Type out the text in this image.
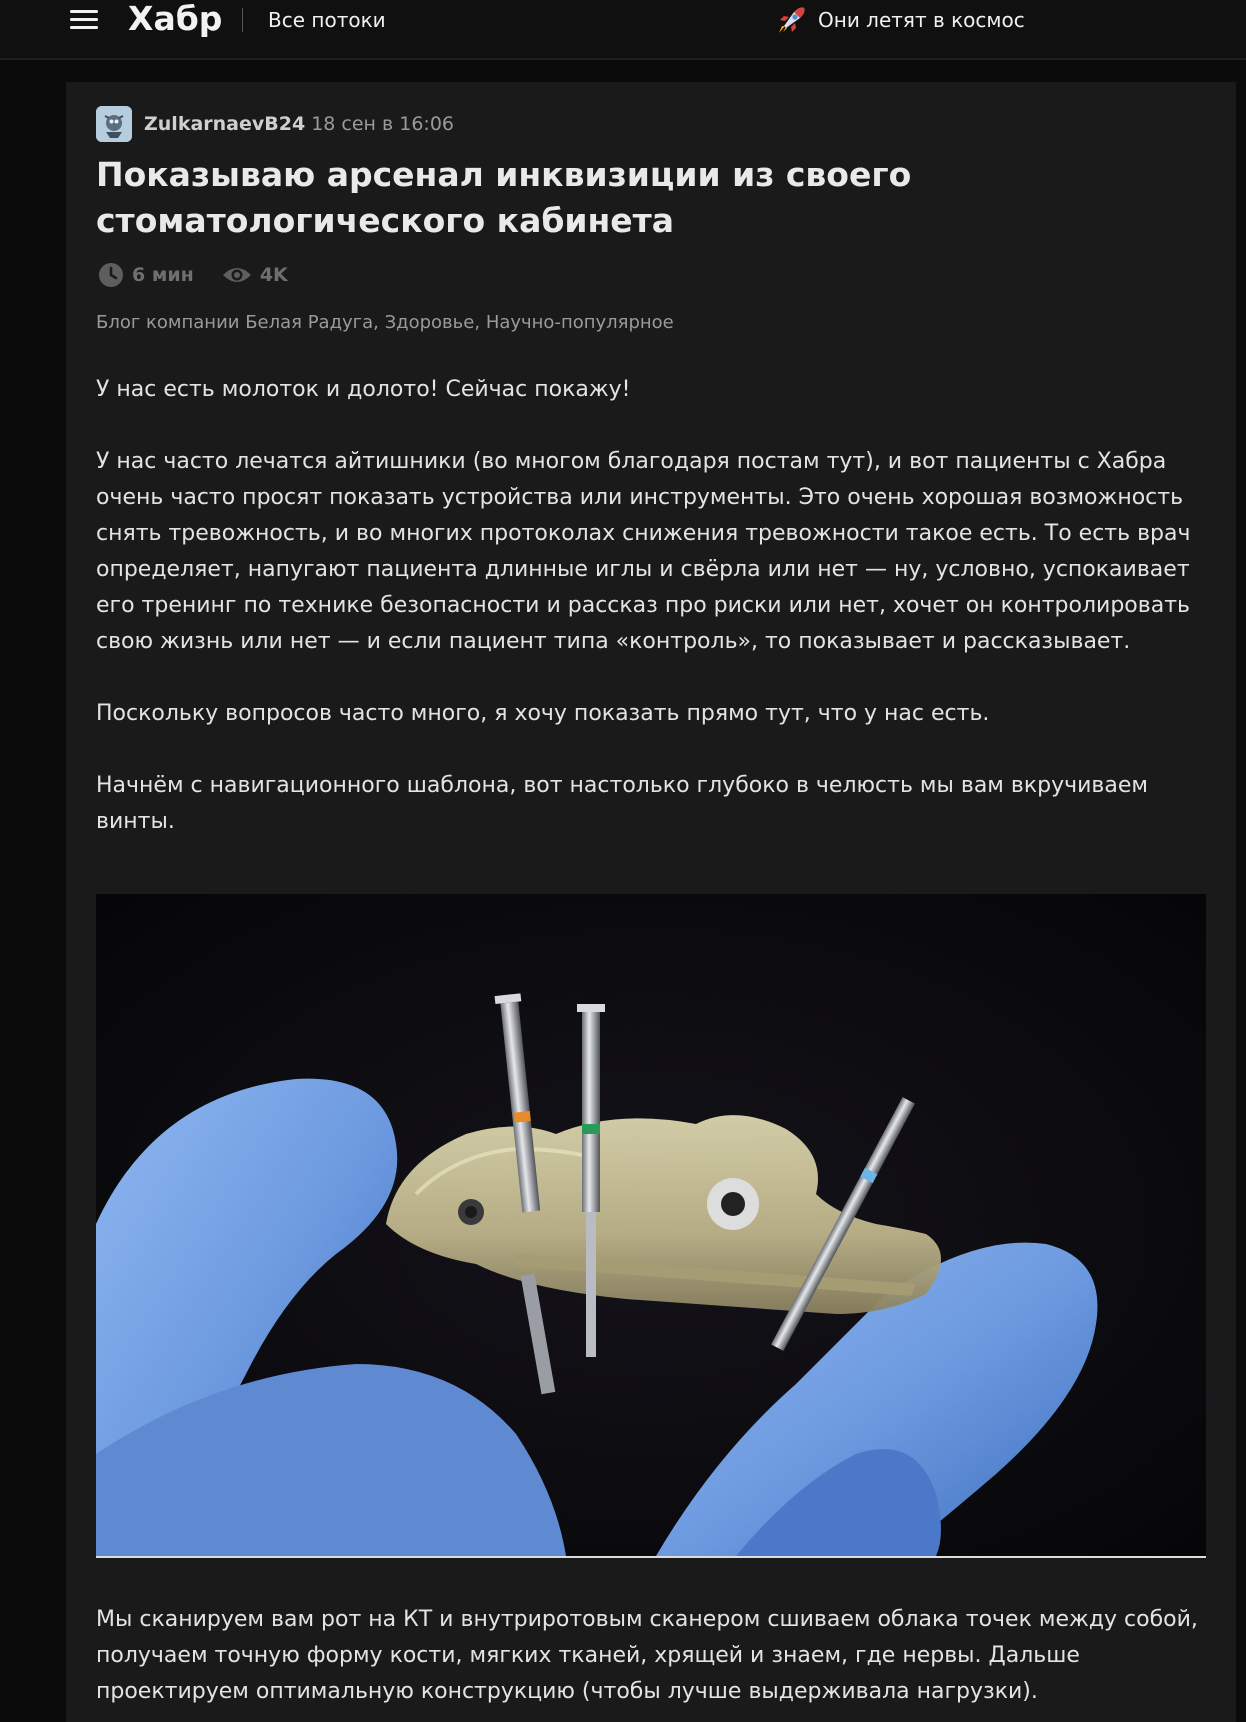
Хабр Все потоки	Они летят в космос
ZulkarnaevB24 18 сен в 16:06
Показываю арсенал инквизиции из своего стоматологического кабинета
6 мин	4K
Блог компании Белая Радуга, Здоровье, Научно-популярное

У нас есть молоток и долото! Сейчас покажу!

У нас часто лечатся айтишники (во многом благодаря постам тут), и вот пациенты с Хабра очень часто просят показать устройства или инструменты. Это очень хорошая возможность снять тревожность, и во многих протоколах снижения тревожности такое есть. То есть врач определяет, напугают пациента длинные иглы и свёрла или нет — ну, условно, успокаивает его тренинг по технике безопасности и рассказ про риски или нет, хочет он контролировать свою жизнь или нет — и если пациент типа «контроль», то показывает и рассказывает.

Поскольку вопросов часто много, я хочу показать прямо тут, что у нас есть.

Начнём с навигационного шаблона, вот настолько глубоко в челюсть мы вам вкручиваем винты.

Мы сканируем вам рот на КТ и внутриротовым сканером сшиваем облака точек между собой, получаем точную форму кости, мягких тканей, хрящей и знаем, где нервы. Дальше проектируем оптимальную конструкцию (чтобы лучше выдерживала нагрузки).
